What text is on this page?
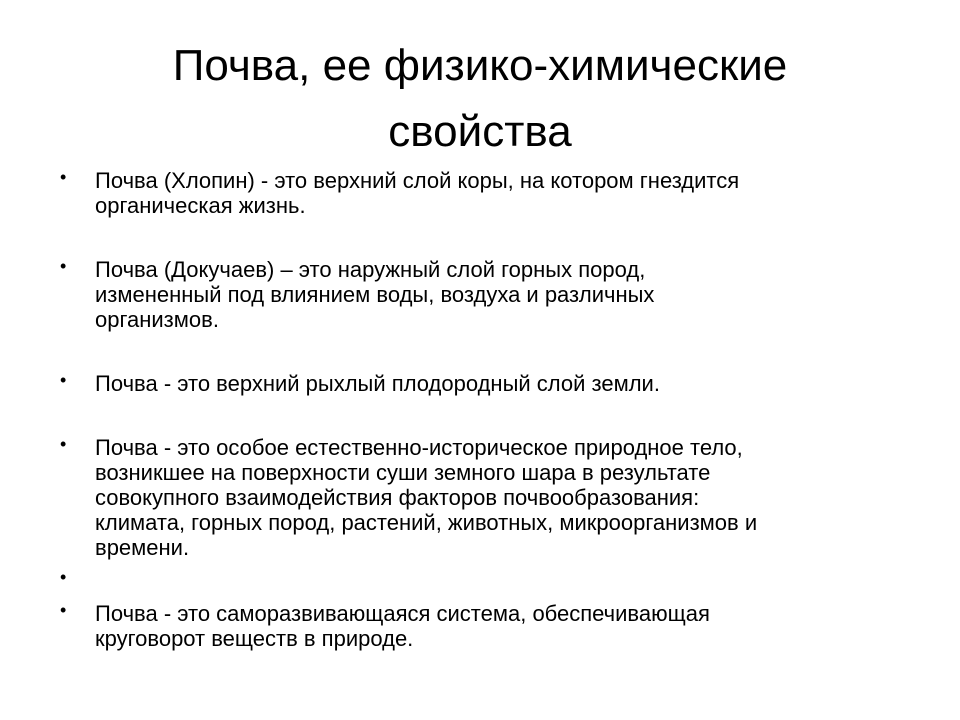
Почва, ее физико-химические
свойства
• Почва (Хлопин) - это верхний слой коры, на котором гнездится
органическая жизнь.
• Почва (Докучаев) – это наружный слой горных пород,
измененный под влиянием воды, воздуха и различных
организмов.
• Почва - это верхний рыхлый плодородный слой земли.
• Почва - это особое естественно-историческое природное тело,
возникшее на поверхности суши земного шара в результате
совокупного взаимодействия факторов почвообразования:
климата, горных пород, растений, животных, микроорганизмов и
времени.
•
• Почва - это саморазвивающаяся система, обеспечивающая
круговорот веществ в природе.
